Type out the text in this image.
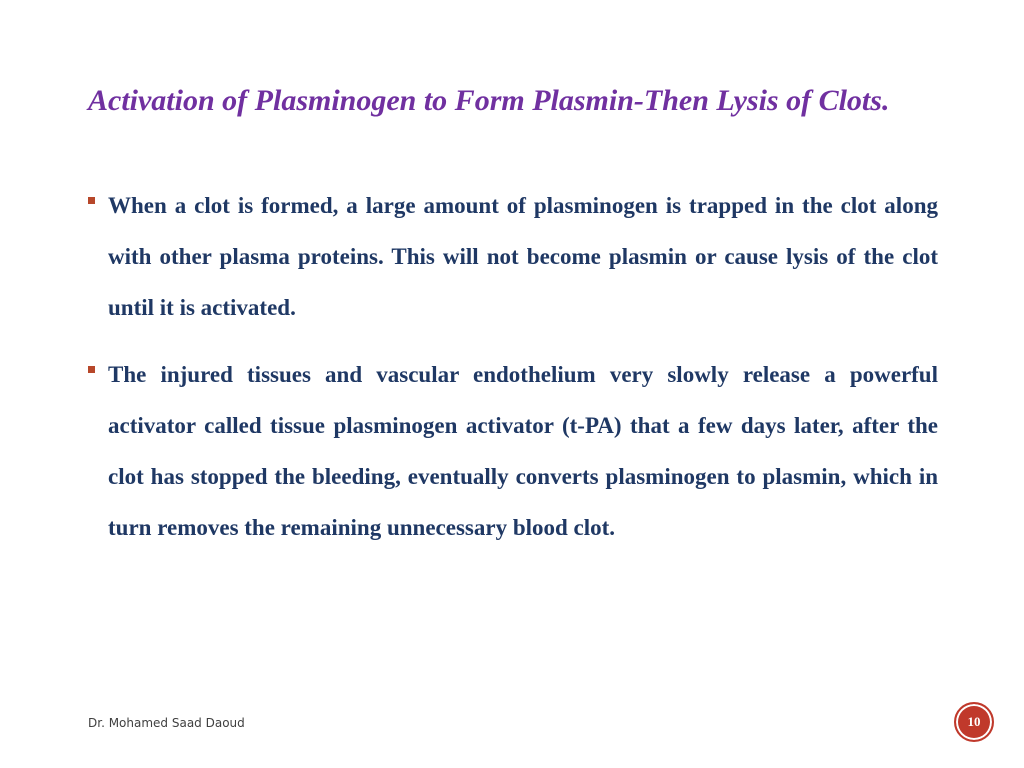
Activation of Plasminogen to Form Plasmin-Then Lysis of Clots.
When a clot is formed, a large amount of plasminogen is trapped in the clot along with other plasma proteins. This will not become plasmin or cause lysis of the clot until it is activated.
The injured tissues and vascular endothelium very slowly release a powerful activator called tissue plasminogen activator (t-PA) that a few days later, after the clot has stopped the bleeding, eventually converts plasminogen to plasmin, which in turn removes the remaining unnecessary blood clot.
Dr. Mohamed Saad Daoud	10
